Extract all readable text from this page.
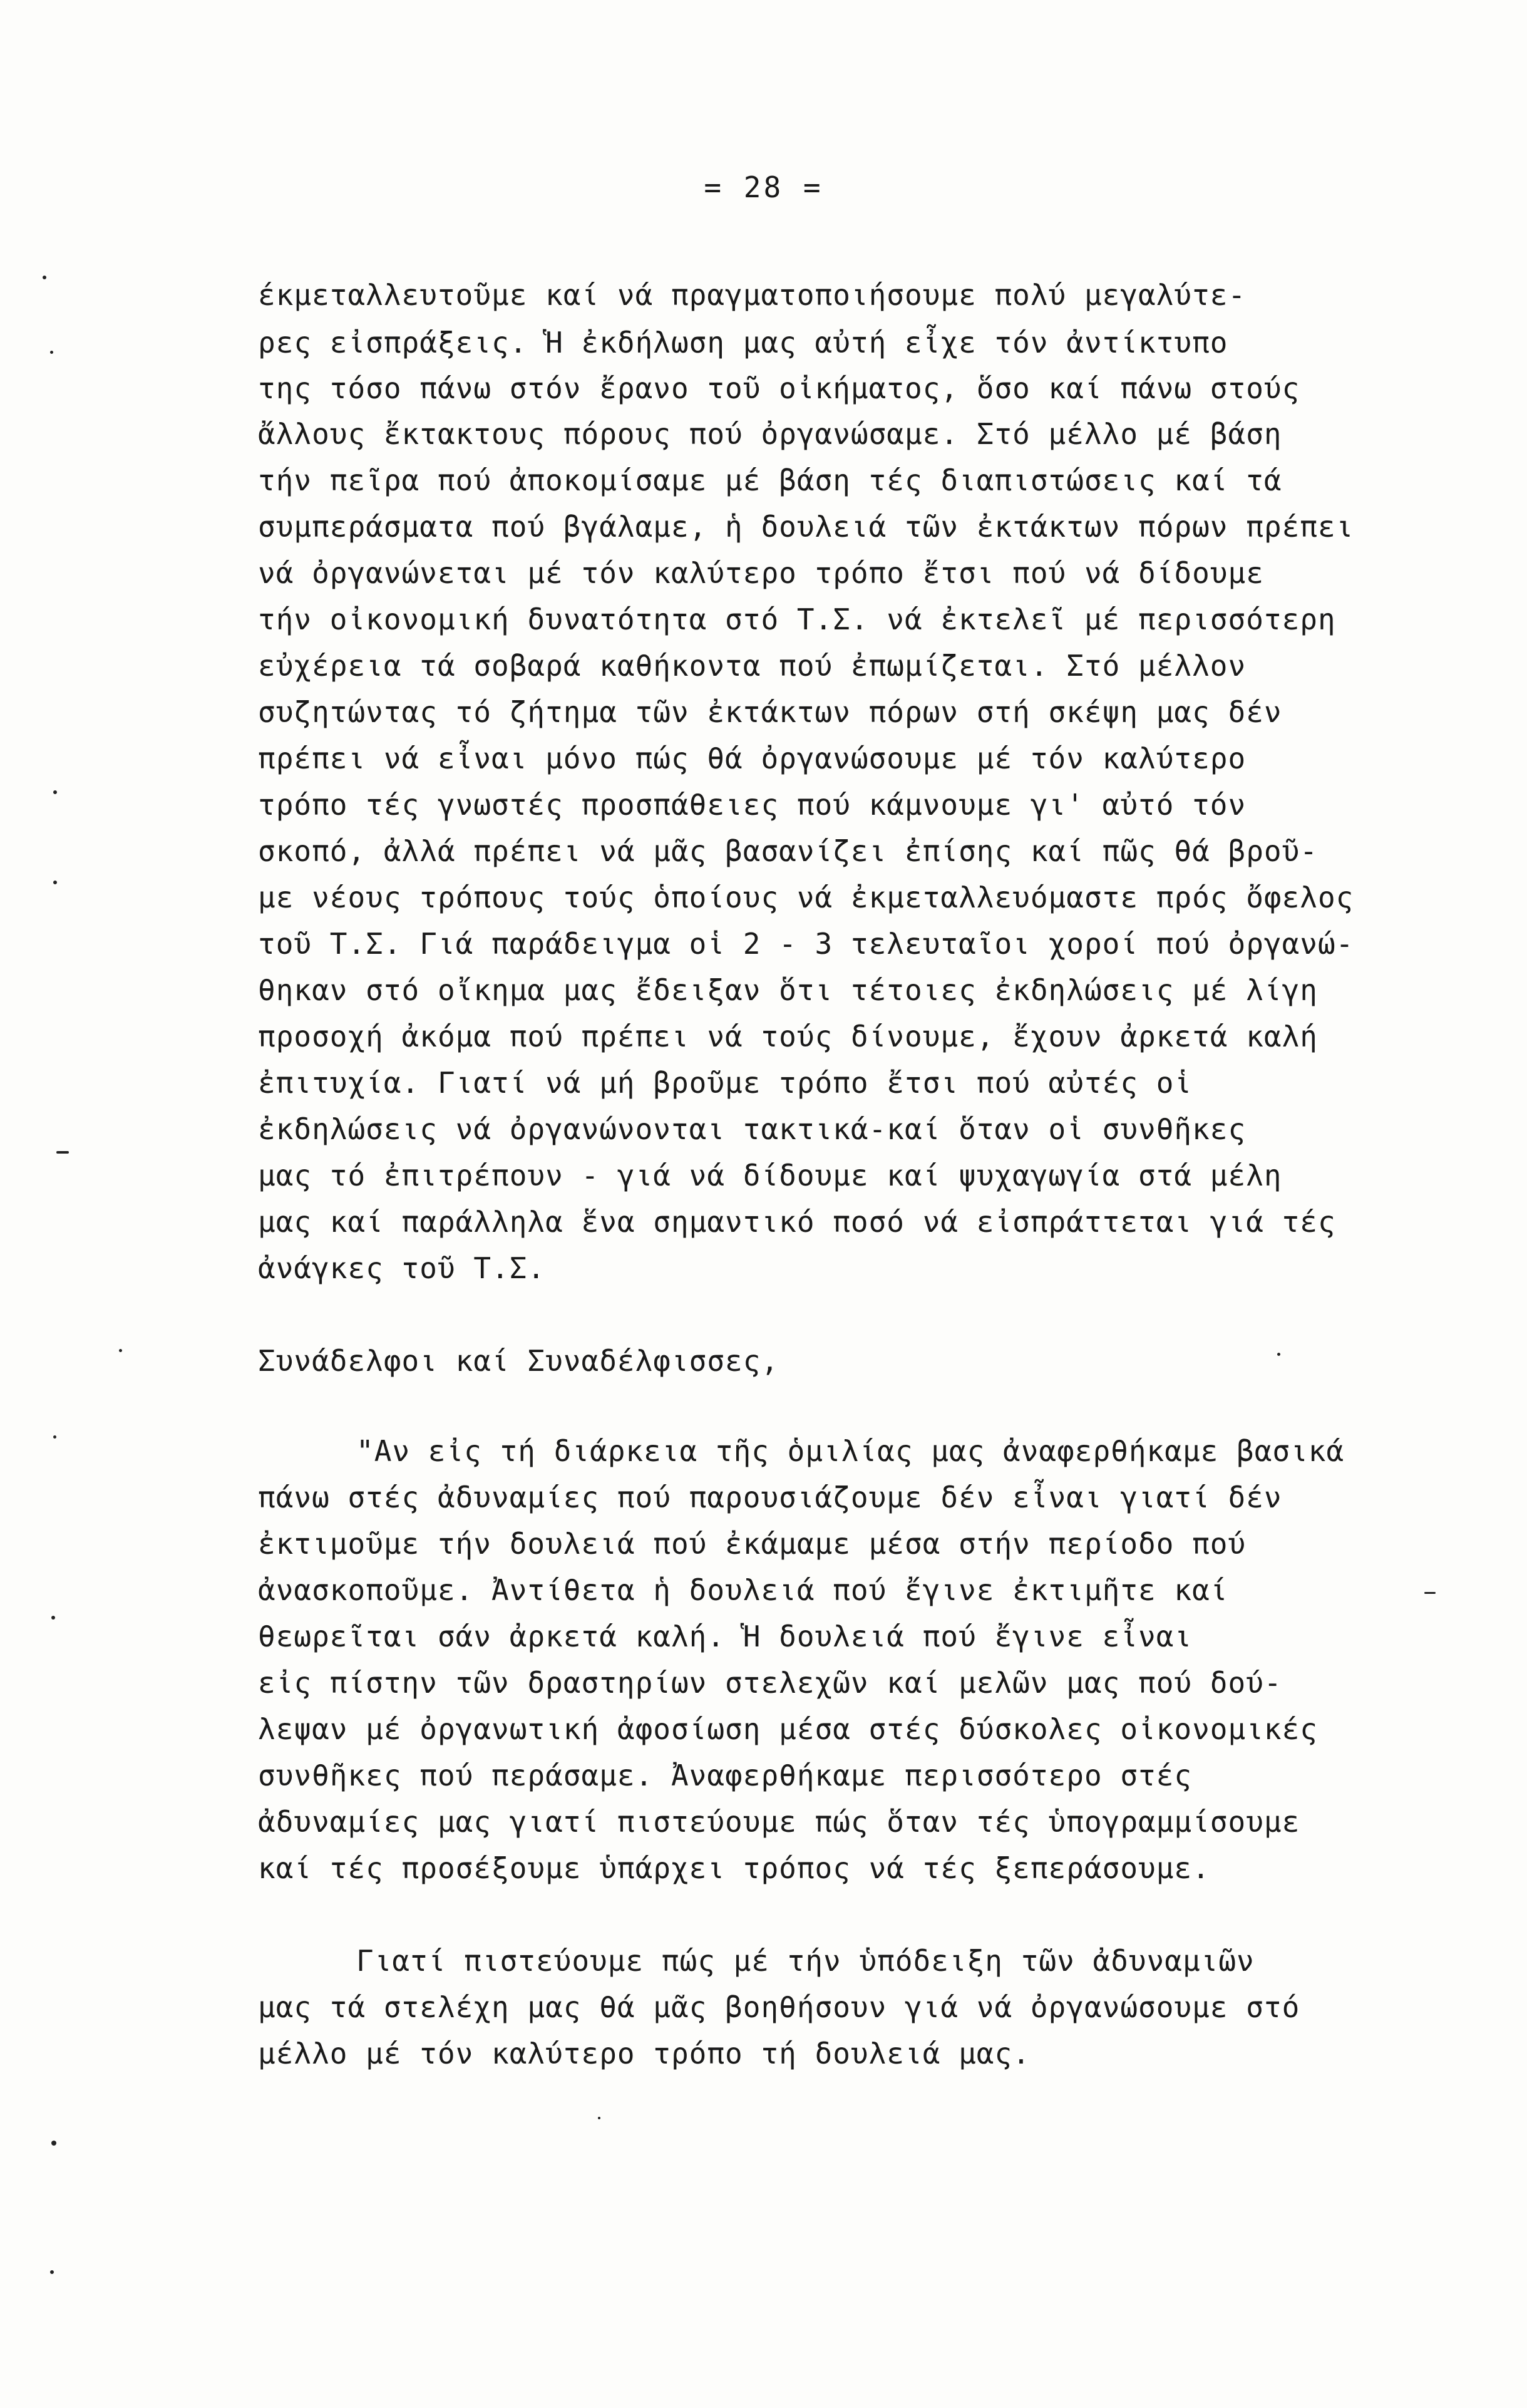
= 28 =
έκμεταλλευτοῦμε καί νά πραγματοποιήσουμε πολύ μεγαλύτε-
ρες εἰσπράξεις. Ἡ ἐκδήλωση μας αὐτή εἶχε τόν ἀντίκτυπο
της τόσο πάνω στόν ἔρανο τοῦ οἰκήματος, ὅσο καί πάνω στούς
ἄλλους ἔκτακτους πόρους πού ὀργανώσαμε. Στό μέλλο μέ βάση
τήν πεῖρα πού ἀποκομίσαμε μέ βάση τές διαπιστώσεις καί τά
συμπεράσματα πού βγάλαμε, ἡ δουλειά τῶν ἐκτάκτων πόρων πρέπει
νά ὀργανώνεται μέ τόν καλύτερο τρόπο ἔτσι πού νά δίδουμε
τήν οἰκονομική δυνατότητα στό Τ.Σ. νά ἐκτελεῖ μέ περισσότερη
εὐχέρεια τά σοβαρά καθήκοντα πού ἐπωμίζεται. Στό μέλλον
συζητώντας τό ζήτημα τῶν ἐκτάκτων πόρων στή σκέψη μας δέν
πρέπει νά εἶναι μόνο πώς θά ὀργανώσουμε μέ τόν καλύτερο
τρόπο τές γνωστές προσπάθειες πού κάμνουμε γι' αὐτό τόν
σκοπό, ἀλλά πρέπει νά μᾶς βασανίζει ἐπίσης καί πῶς θά βροῦ-
με νέους τρόπους τούς ὁποίους νά ἐκμεταλλευόμαστε πρός ὄφελος
τοῦ Τ.Σ. Γιά παράδειγμα οἱ 2 - 3 τελευταῖοι χοροί πού ὀργανώ-
θηκαν στό οἴκημα μας ἔδειξαν ὅτι τέτοιες ἐκδηλώσεις μέ λίγη
προσοχή ἀκόμα πού πρέπει νά τούς δίνουμε, ἔχουν ἀρκετά καλή
ἐπιτυχία. Γιατί νά μή βροῦμε τρόπο ἔτσι πού αὐτές οἱ
ἐκδηλώσεις νά ὀργανώνονται τακτικά-καί ὅταν οἱ συνθῆκες
μας τό ἐπιτρέπουν - γιά νά δίδουμε καί ψυχαγωγία στά μέλη
μας καί παράλληλα ἕνα σημαντικό ποσό νά εἰσπράττεται γιά τές
ἀνάγκες τοῦ Τ.Σ.
Συνάδελφοι καί Συναδέλφισσες,
"Αν εἰς τή διάρκεια τῆς ὁμιλίας μας ἀναφερθήκαμε βασικά
πάνω στές ἀδυναμίες πού παρουσιάζουμε δέν εἶναι γιατί δέν
ἐκτιμοῦμε τήν δουλειά πού ἐκάμαμε μέσα στήν περίοδο πού
ἀνασκοποῦμε. Ἀντίθετα ἡ δουλειά πού ἔγινε ἐκτιμῆτε καί
θεωρεῖται σάν ἀρκετά καλή. Ἡ δουλειά πού ἔγινε εἶναι
εἰς πίστην τῶν δραστηρίων στελεχῶν καί μελῶν μας πού δού-
λεψαν μέ ὀργανωτική ἀφοσίωση μέσα στές δύσκολες οἰκονομικές
συνθῆκες πού περάσαμε. Ἀναφερθήκαμε περισσότερο στές
ἀδυναμίες μας γιατί πιστεύουμε πώς ὅταν τές ὑπογραμμίσουμε
καί τές προσέξουμε ὑπάρχει τρόπος νά τές ξεπεράσουμε.
Γιατί πιστεύουμε πώς μέ τήν ὑπόδειξη τῶν ἀδυναμιῶν
μας τά στελέχη μας θά μᾶς βοηθήσουν γιά νά ὀργανώσουμε στό
μέλλο μέ τόν καλύτερο τρόπο τή δουλειά μας.
